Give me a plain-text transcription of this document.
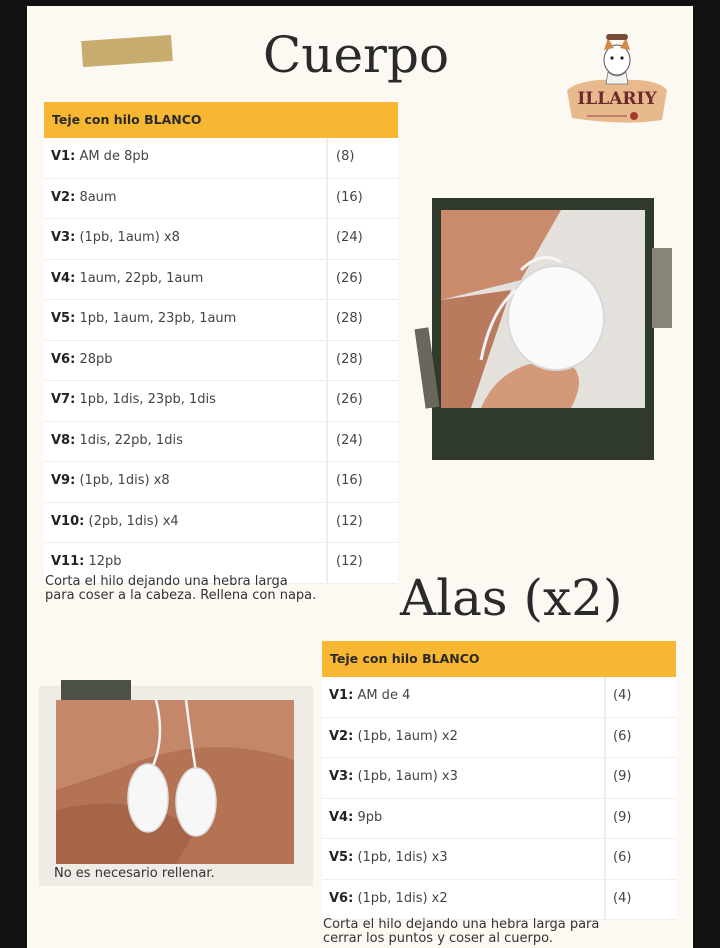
Cuerpo
ILLARIY
Teje con hilo BLANCO
V1: AM de 8pb	(8)
V2: 8aum	(16)
V3: (1pb, 1aum) x8	(24)
V4: 1aum, 22pb, 1aum	(26)
V5: 1pb, 1aum, 23pb, 1aum	(28)
V6: 28pb	(28)
V7: 1pb, 1dis, 23pb, 1dis	(26)
V8: 1dis, 22pb, 1dis	(24)
V9: (1pb, 1dis) x8	(16)
V10: (2pb, 1dis) x4	(12)
V11: 12pb	(12)

Corta el hilo dejando una hebra larga
para coser a la cabeza. Rellena con napa. Alas (x2)
Teje con hilo BLANCO
V1: AM de 4	(4)
V2: (1pb, 1aum) x2	(6)
V3: (1pb, 1aum) x3	(9)
V4: 9pb	(9)
V5: (1pb, 1dis) x3	(6)
V6: (1pb, 1dis) x2	(4)

Corta el hilo dejando una hebra larga para
cerrar los puntos y coser al cuerpo.

No es necesario rellenar.
